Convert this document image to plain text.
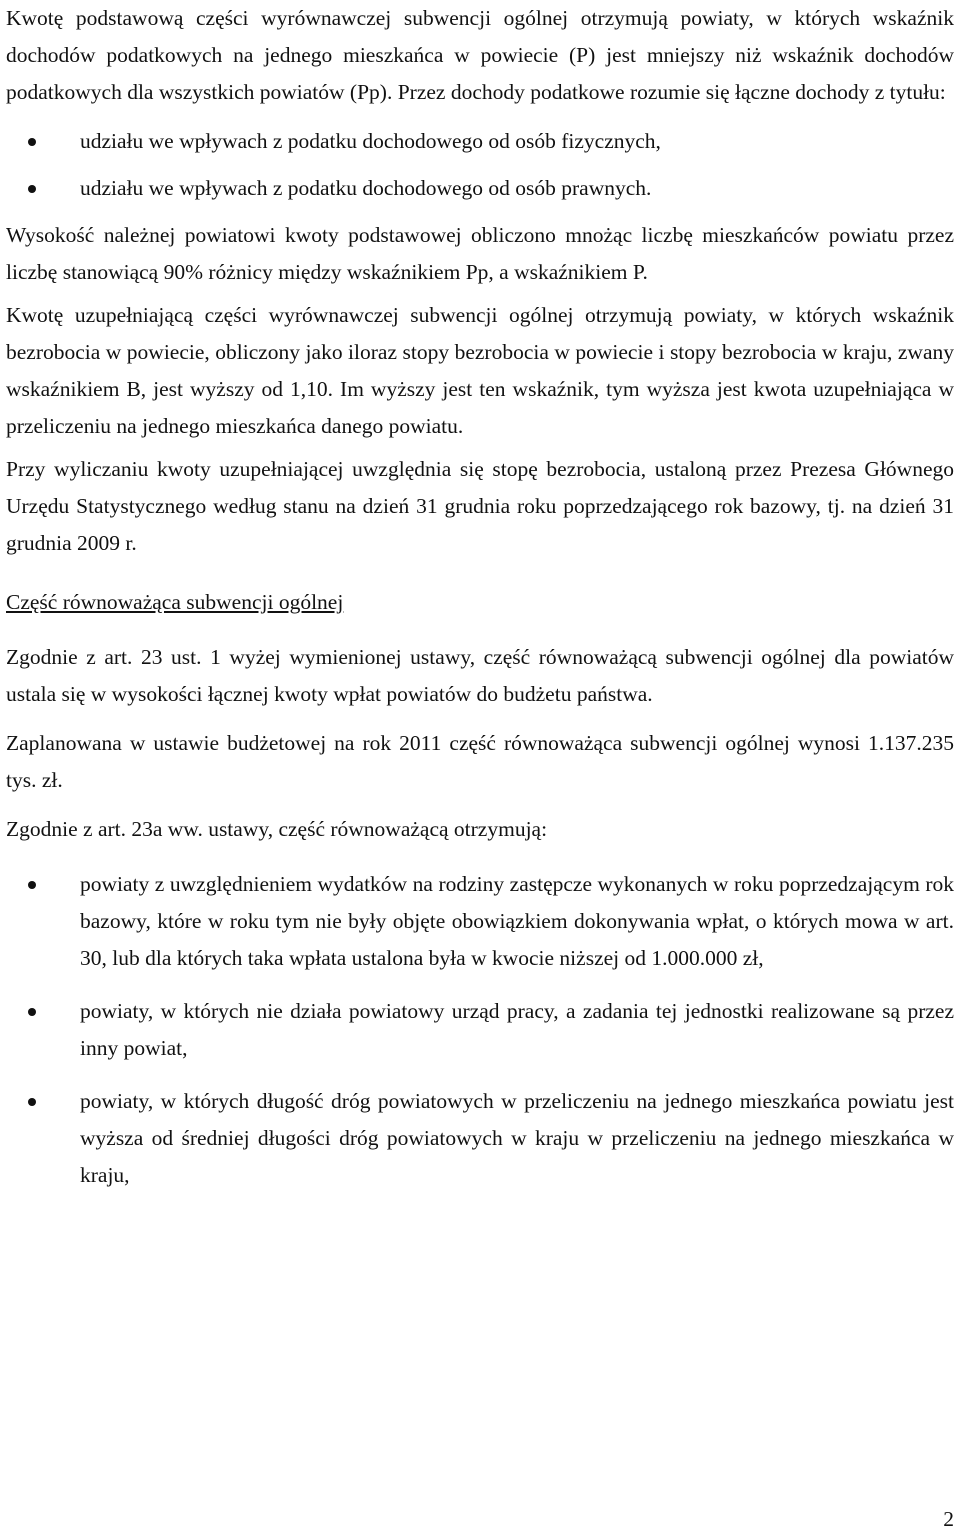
Kwotę podstawową części wyrównawczej subwencji ogólnej otrzymują powiaty, w których wskaźnik dochodów podatkowych na jednego mieszkańca w powiecie (P) jest mniejszy niż wskaźnik dochodów podatkowych dla wszystkich powiatów (Pp). Przez dochody podatkowe rozumie się łączne dochody z tytułu:

udziału we wpływach z podatku dochodowego od osób fizycznych,
udziału we wpływach z podatku dochodowego od osób prawnych.

Wysokość należnej powiatowi kwoty podstawowej obliczono mnożąc liczbę mieszkańców powiatu przez liczbę stanowiącą 90% różnicy między wskaźnikiem Pp, a wskaźnikiem P.

Kwotę uzupełniającą części wyrównawczej subwencji ogólnej otrzymują powiaty, w których wskaźnik bezrobocia w powiecie, obliczony jako iloraz stopy bezrobocia w powiecie i stopy bezrobocia w kraju, zwany wskaźnikiem B, jest wyższy od 1,10. Im wyższy jest ten wskaźnik, tym wyższa jest kwota uzupełniająca w przeliczeniu na jednego mieszkańca danego powiatu.

Przy wyliczaniu kwoty uzupełniającej uwzględnia się stopę bezrobocia, ustaloną przez Prezesa Głównego Urzędu Statystycznego według stanu na dzień 31 grudnia roku poprzedzającego rok bazowy, tj. na dzień 31 grudnia 2009 r.

Część równoważąca subwencji ogólnej

Zgodnie z art. 23 ust. 1 wyżej wymienionej ustawy, część równoważącą subwencji ogólnej dla powiatów ustala się w wysokości łącznej kwoty wpłat powiatów do budżetu państwa.

Zaplanowana w ustawie budżetowej na rok 2011 część równoważąca subwencji ogólnej wynosi 1.137.235 tys. zł.

Zgodnie z art. 23a ww. ustawy, część równoważącą otrzymują:

powiaty z uwzględnieniem wydatków na rodziny zastępcze wykonanych w roku poprzedzającym rok bazowy, które w roku tym nie były objęte obowiązkiem dokonywania wpłat, o których mowa w art. 30, lub dla których taka wpłata ustalona była w kwocie niższej od 1.000.000 zł,
powiaty, w których nie działa powiatowy urząd pracy, a zadania tej jednostki realizowane są przez inny powiat,
powiaty, w których długość dróg powiatowych w przeliczeniu na jednego mieszkańca powiatu jest wyższa od średniej długości dróg powiatowych w kraju w przeliczeniu na jednego mieszkańca w kraju,
2
